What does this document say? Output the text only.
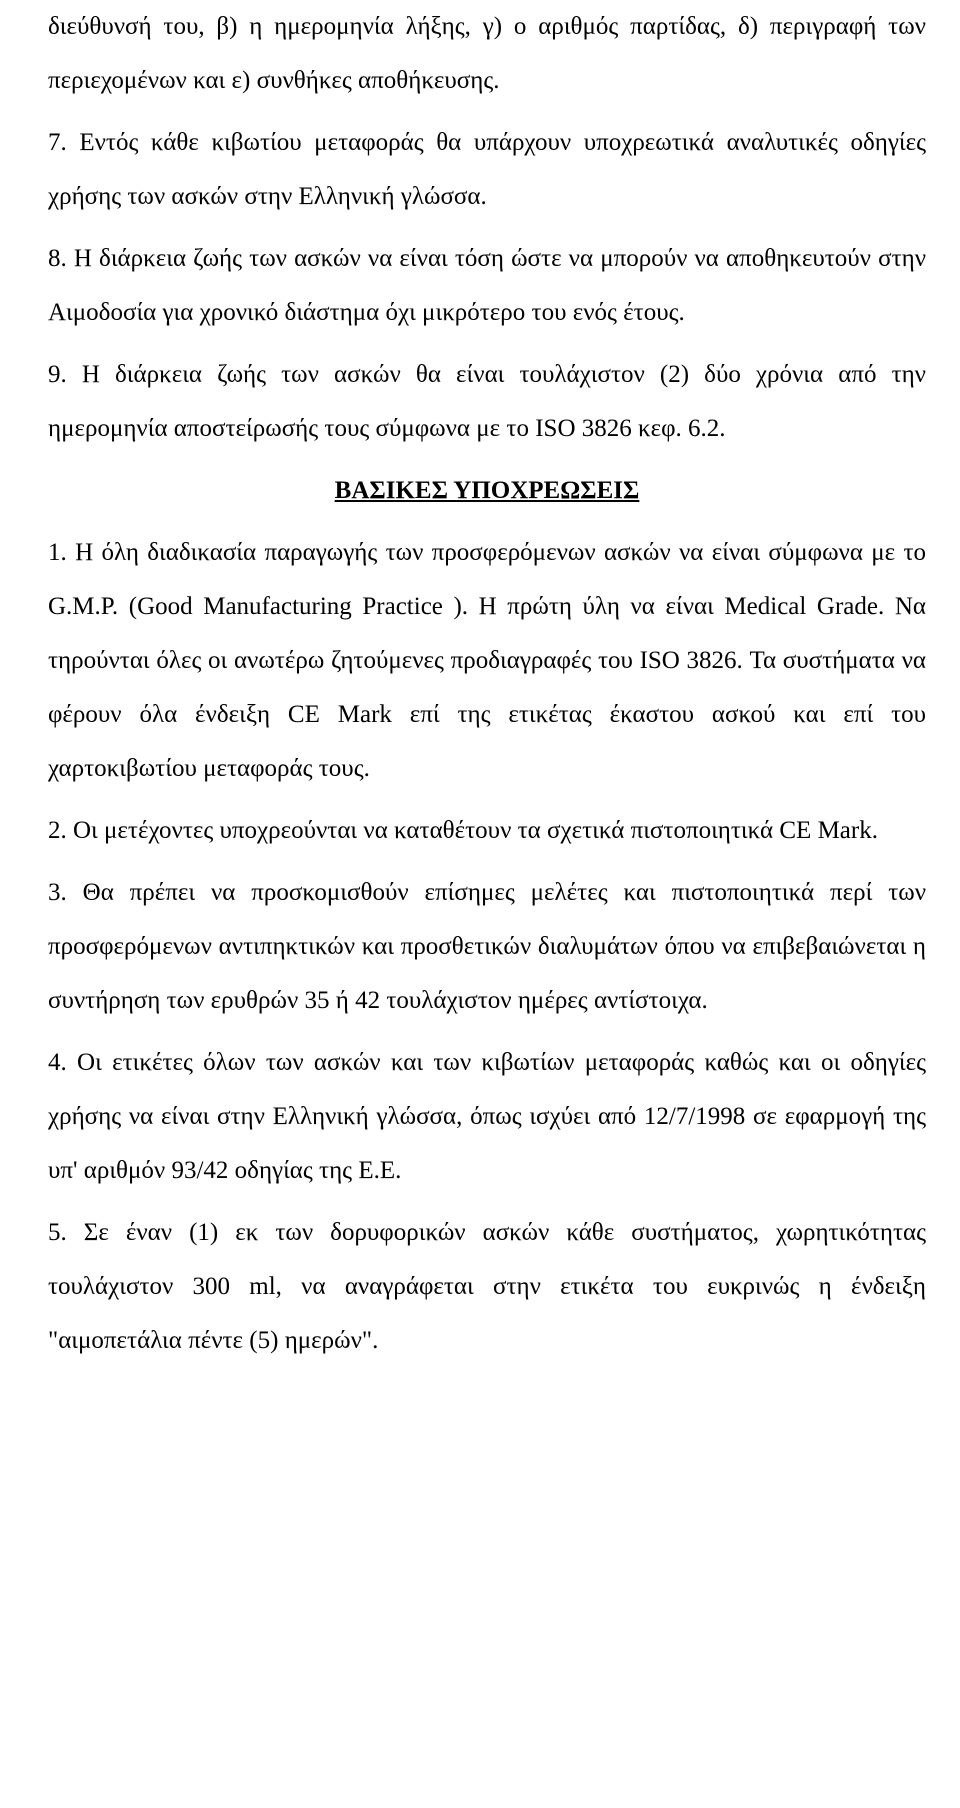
διεύθυνσή του, β) η ημερομηνία λήξης, γ) ο αριθμός παρτίδας, δ) περιγραφή των περιεχομένων και ε) συνθήκες αποθήκευσης.

7. Εντός κάθε κιβωτίου μεταφοράς θα υπάρχουν υποχρεωτικά αναλυτικές οδηγίες χρήσης των ασκών στην Ελληνική γλώσσα.

8. Η διάρκεια ζωής των ασκών να είναι τόση ώστε να μπορούν να αποθηκευτούν στην Αιμοδοσία για χρονικό διάστημα όχι μικρότερο του ενός έτους.

9. Η διάρκεια ζωής των ασκών θα είναι τουλάχιστον (2) δύο χρόνια από την ημερομηνία αποστείρωσής τους σύμφωνα με το ISO 3826 κεφ. 6.2.

ΒΑΣΙΚΕΣ ΥΠΟΧΡΕΩΣΕΙΣ

1. Η όλη διαδικασία παραγωγής των προσφερόμενων ασκών να είναι σύμφωνα με το G.M.P. (Good Manufacturing Practice ). Η πρώτη ύλη να είναι Medical Grade. Να τηρούνται όλες οι ανωτέρω ζητούμενες προδιαγραφές του ISO 3826. Τα συστήματα να φέρουν όλα ένδειξη CE Mark επί της ετικέτας έκαστου ασκού και επί του χαρτοκιβωτίου μεταφοράς τους.

2. Οι μετέχοντες υποχρεούνται να καταθέτουν τα σχετικά πιστοποιητικά CE Mark.

3. Θα πρέπει να προσκομισθούν επίσημες μελέτες και πιστοποιητικά περί των προσφερόμενων αντιπηκτικών και προσθετικών διαλυμάτων όπου να επιβεβαιώνεται η συντήρηση των ερυθρών 35 ή 42 τουλάχιστον ημέρες αντίστοιχα.

4. Οι ετικέτες όλων των ασκών και των κιβωτίων μεταφοράς καθώς και οι οδηγίες χρήσης να είναι στην Ελληνική γλώσσα, όπως ισχύει από 12/7/1998 σε εφαρμογή της υπ' αριθμόν 93/42 οδηγίας της Ε.Ε.

5. Σε έναν (1) εκ των δορυφορικών ασκών κάθε συστήματος, χωρητικότητας τουλάχιστον 300 ml, να αναγράφεται στην ετικέτα του ευκρινώς η ένδειξη "αιμοπετάλια πέντε (5) ημερών".
